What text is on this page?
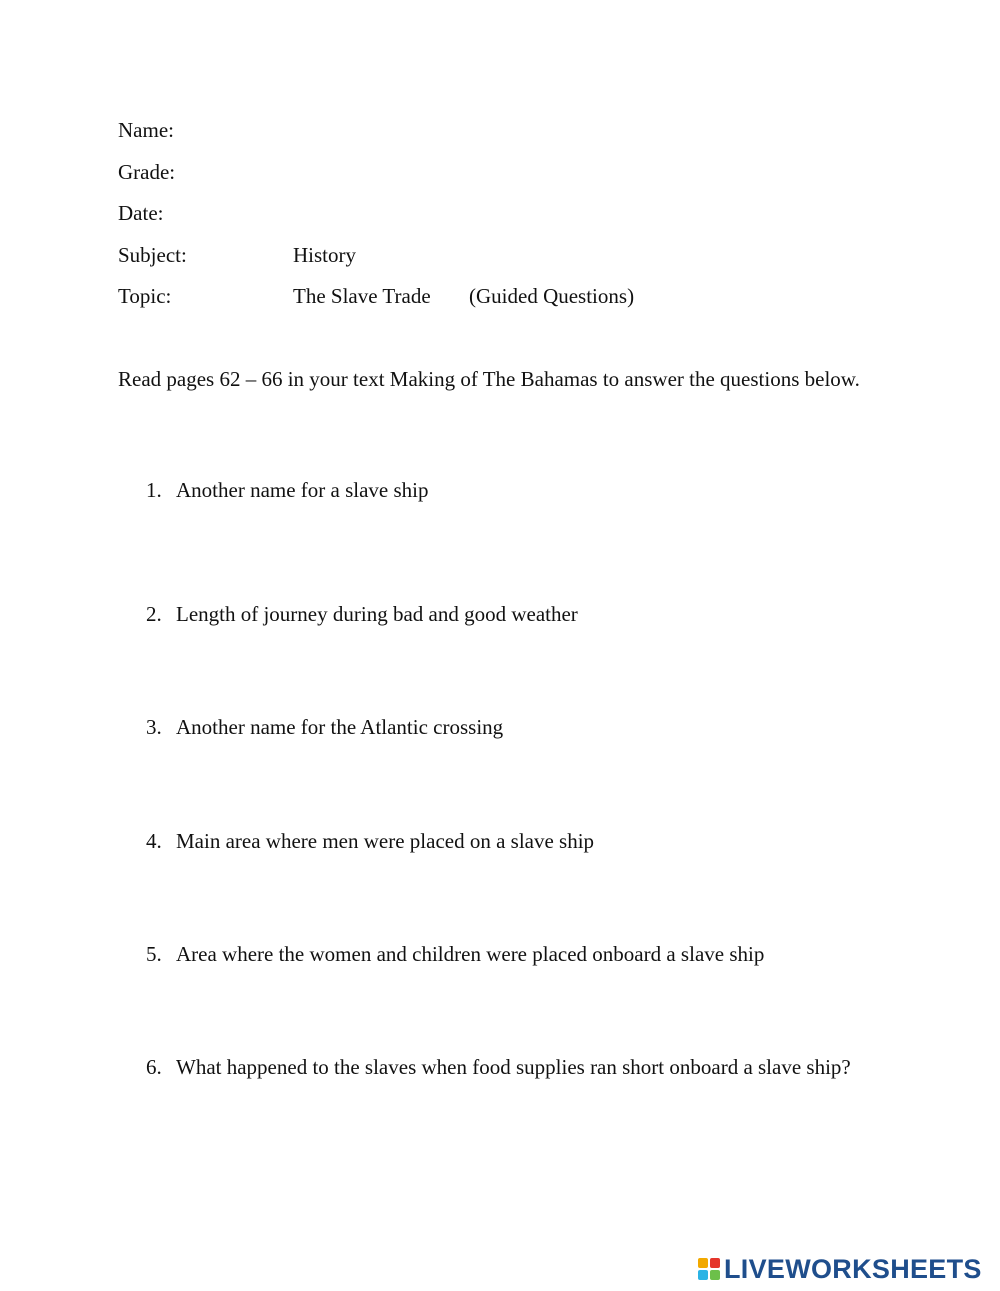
Name:
Grade:
Date:
Subject:	History
Topic:	The Slave Trade (Guided Questions)
Read pages 62 – 66 in your text Making of The Bahamas to answer the questions below.
1. Another name for a slave ship
2. Length of journey during bad and good weather
3. Another name for the Atlantic crossing
4. Main area where men were placed on a slave ship
5. Area where the women and children were placed onboard a slave ship
6. What happened to the slaves when food supplies ran short onboard a slave ship?
LIVEWORKSHEETS
